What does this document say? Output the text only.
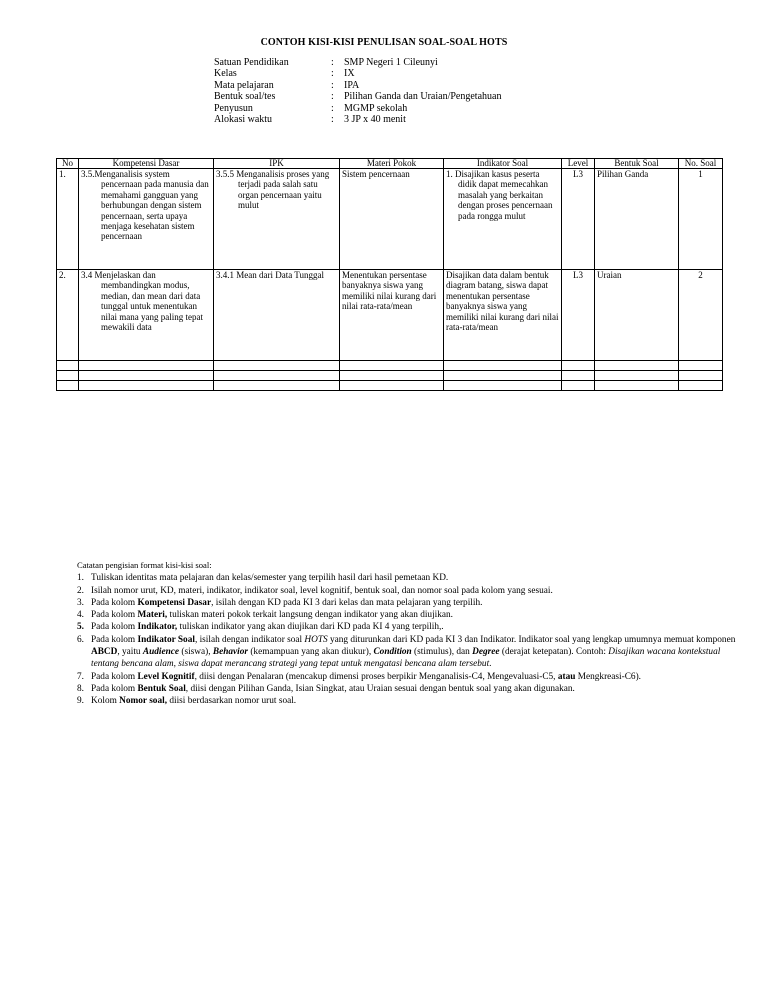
CONTOH KISI-KISI PENULISAN SOAL-SOAL HOTS
Satuan Pendidikan	:	SMP Negeri 1 Cileunyi
Kelas	:	IX
Mata pelajaran	:	IPA
Bentuk soal/tes	:	Pilihan Ganda dan Uraian/Pengetahuan
Penyusun	:	MGMP sekolah
Alokasi waktu	:	3 JP x 40 menit
No	Kompetensi Dasar	IPK	Materi Pokok	Indikator Soal	Level	Bentuk Soal	No. Soal
1.	3.5.Menganalisis system pencernaan pada manusia dan memahami gangguan yang berhubungan dengan sistem pencernaan, serta upaya menjaga kesehatan sistem pencernaan	3.5.5 Menganalisis proses yang terjadi pada salah satu organ pencernaan yaitu mulut	Sistem pencernaan	1. Disajikan kasus peserta didik dapat memecahkan masalah yang berkaitan dengan proses pencernaan pada rongga mulut	L3	Pilihan Ganda	1
2.	3.4 Menjelaskan dan membandingkan modus, median, dan mean dari data tunggal untuk menentukan nilai mana yang paling tepat mewakili data	3.4.1 Mean dari Data Tunggal	Menentukan persentase banyaknya siswa yang memiliki nilai kurang dari nilai rata-rata/mean	Disajikan data dalam bentuk diagram batang, siswa dapat menentukan persentase banyaknya siswa yang memiliki nilai kurang dari nilai rata-rata/mean	L3	Uraian	2

Catatan pengisian format kisi-kisi soal:
1. Tuliskan identitas mata pelajaran dan kelas/semester yang terpilih hasil dari hasil pemetaan KD.
2. Isilah nomor urut, KD, materi, indikator, indikator soal, level kognitif, bentuk soal, dan nomor soal pada kolom yang sesuai.
3. Pada kolom Kompetensi Dasar, isilah dengan KD pada KI 3 dari kelas dan mata pelajaran yang terpilih.
4. Pada kolom Materi, tuliskan materi pokok terkait langsung dengan indikator yang akan diujikan.
5. Pada kolom Indikator, tuliskan indikator yang akan diujikan dari KD pada KI 4 yang terpilih,.
6. Pada kolom Indikator Soal, isilah dengan indikator soal HOTS yang diturunkan dari KD pada KI 3 dan Indikator. Indikator soal yang lengkap umumnya memuat komponen ABCD, yaitu Audience (siswa), Behavior (kemampuan yang akan diukur), Condition (stimulus), dan Degree (derajat ketepatan). Contoh: Disajikan wacana kontekstual tentang bencana alam, siswa dapat merancang strategi yang tepat untuk mengatasi bencana alam tersebut.
7. Pada kolom Level Kognitif, diisi dengan Penalaran (mencakup dimensi proses berpikir Menganalisis-C4, Mengevaluasi-C5, atau Mengkreasi-C6).
8. Pada kolom Bentuk Soal, diisi dengan Pilihan Ganda, Isian Singkat, atau Uraian sesuai dengan bentuk soal yang akan digunakan.
9. Kolom Nomor soal, diisi berdasarkan nomor urut soal.
